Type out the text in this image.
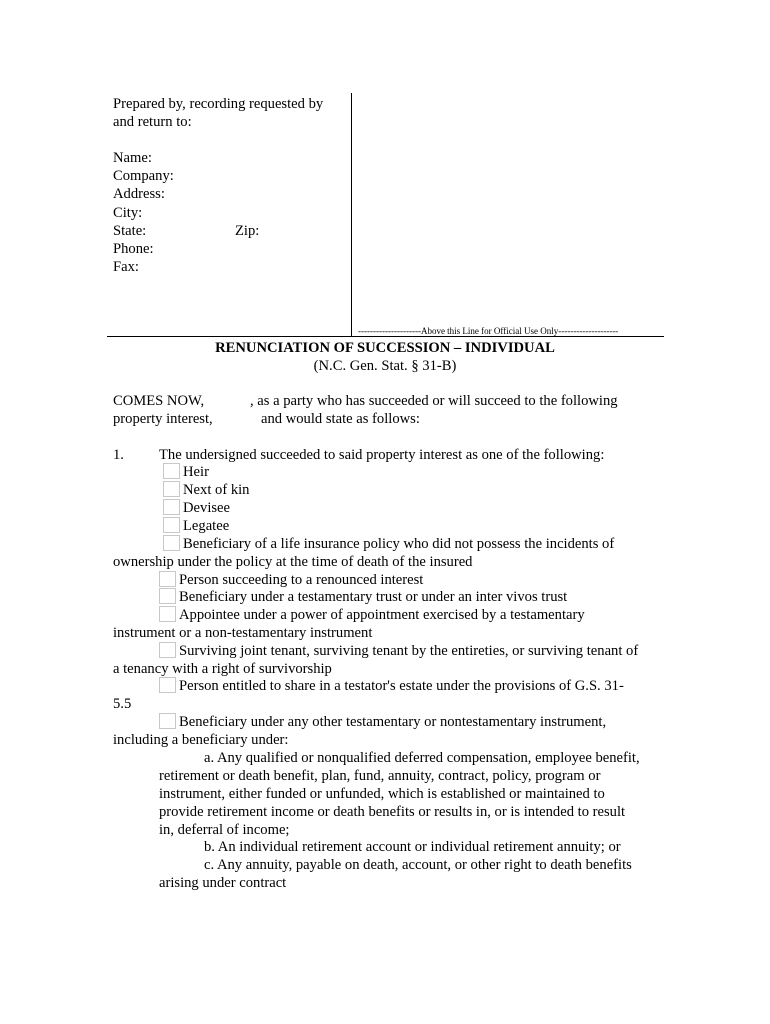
Prepared by, recording requested by
and return to:
Name:
Company:
Address:
City:
State:	Zip:
Phone:
Fax:
---------------------Above this Line for Official Use Only--------------------
RENUNCIATION OF SUCCESSION – INDIVIDUAL
(N.C. Gen. Stat. § 31-B)
COMES NOW,	, as a party who has succeeded or will succeed to the following
property interest,	and would state as follows:
1. The undersigned succeeded to said property interest as one of the following:
Heir
Next of kin
Devisee
Legatee
Beneficiary of a life insurance policy who did not possess the incidents of
ownership under the policy at the time of death of the insured
Person succeeding to a renounced interest
Beneficiary under a testamentary trust or under an inter vivos trust
Appointee under a power of appointment exercised by a testamentary
instrument or a non-testamentary instrument
Surviving joint tenant, surviving tenant by the entireties, or surviving tenant of
a tenancy with a right of survivorship
Person entitled to share in a testator's estate under the provisions of G.S. 31-
5.5
Beneficiary under any other testamentary or nontestamentary instrument,
including a beneficiary under:
a. Any qualified or nonqualified deferred compensation, employee benefit,
retirement or death benefit, plan, fund, annuity, contract, policy, program or
instrument, either funded or unfunded, which is established or maintained to
provide retirement income or death benefits or results in, or is intended to result
in, deferral of income;
b. An individual retirement account or individual retirement annuity; or
c. Any annuity, payable on death, account, or other right to death benefits
arising under contract
